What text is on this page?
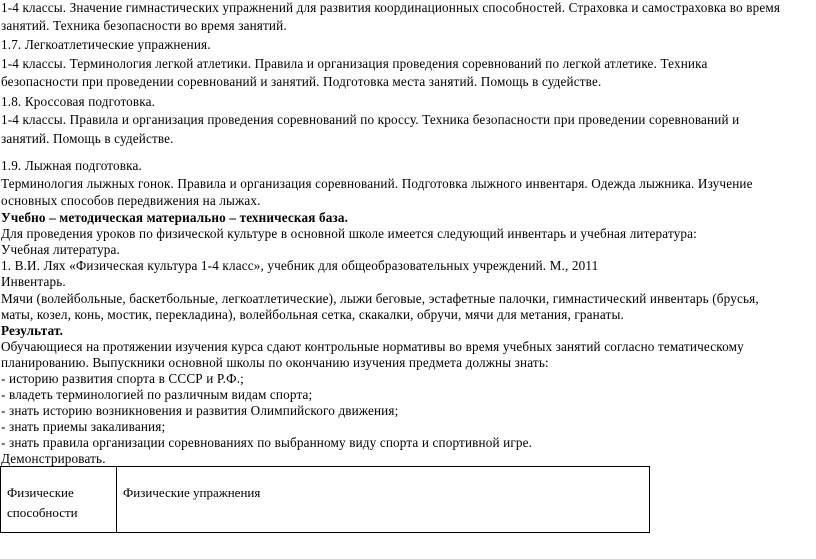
1-4 классы. Значение гимнастических упражнений для развития координационных способностей. Страховка и самостраховка во время
занятий. Техника безопасности во время занятий.
1.7. Легкоатлетические упражнения.
1-4 классы. Терминология легкой атлетики. Правила и организация проведения соревнований по легкой атлетике. Техника
безопасности при проведении соревнований и занятий. Подготовка места занятий. Помощь в судействе.
1.8. Кроссовая подготовка.
1-4 классы. Правила и организация проведения соревнований по кроссу. Техника безопасности при проведении соревнований и
занятий. Помощь в судействе.
1.9. Лыжная подготовка.
Терминология лыжных гонок. Правила и организация соревнований. Подготовка лыжного инвентаря. Одежда лыжника. Изучение
основных способов передвижения на лыжах.
Учебно – методическая материально – техническая база.
Для проведения уроков по физической культуре в основной школе имеется следующий инвентарь и учебная литература:
Учебная литература.
1. В.И. Лях «Физическая культура 1-4 класс», учебник для общеобразовательных учреждений. М., 2011
Инвентарь.
Мячи (волейбольные, баскетбольные, легкоатлетические), лыжи беговые, эстафетные палочки, гимнастический инвентарь (брусья,
маты, козел, конь, мостик, перекладина), волейбольная сетка, скакалки, обручи, мячи для метания, гранаты.
Результат.
Обучающиеся на протяжении изучения курса сдают контрольные нормативы во время учебных занятий согласно тематическому
планированию. Выпускники основной школы по окончанию изучения предмета должны знать:
- историю развития спорта в СССР и Р.Ф.;
- владеть терминологией по различным видам спорта;
- знать историю возникновения и развития Олимпийского движения;
- знать приемы закаливания;
- знать правила организации соревнованиях по выбранному виду спорта и спортивной игре.
Демонстрировать.
Физические
способности	Физические упражнения
